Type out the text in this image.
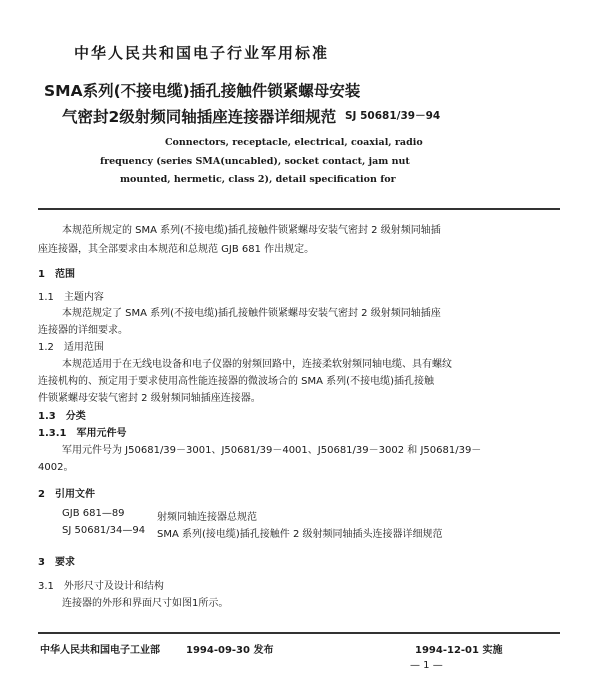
中华人民共和国电子行业军用标准
SMA系列(不接电缆)插孔接触件锁紧螺母安装
气密封2级射频同轴插座连接器详细规范 SJ 50681/39－94
Connectors, receptacle, electrical, coaxial, radio
frequency (series SMA(uncabled), socket contact, jam nut
mounted, hermetic, class 2), detail specification for
本规范所规定的 SMA 系列(不接电缆)插孔接触件锁紧螺母安装气密封 2 级射频同轴插
座连接器，其全部要求由本规范和总规范 GJB 681 作出规定。
1　范围
1.1　主题内容
本规范规定了 SMA 系列(不接电缆)插孔接触件锁紧螺母安装气密封 2 级射频同轴插座
连接器的详细要求。
1.2　适用范围
本规范适用于在无线电设备和电子仪器的射频回路中，连接柔软射频同轴电缆、具有螺纹
连接机构的、预定用于要求使用高性能连接器的微波场合的 SMA 系列(不接电缆)插孔接触
件锁紧螺母安装气密封 2 级射频同轴插座连接器。
1.3　分类
1.3.1　军用元件号
军用元件号为 J50681/39－3001、J50681/39－4001、J50681/39－3002 和 J50681/39－
4002。
2　引用文件
GJB 681—89	射频同轴连接器总规范
SJ 50681/34—94 SMA 系列(接电缆)插孔接触件 2 级射频同轴插头连接器详细规范
3　要求
3.1　外形尺寸及设计和结构
连接器的外形和界面尺寸如图1所示。
中华人民共和国电子工业部	1994-09-30 发布	1994-12-01 实施
— 1 —
